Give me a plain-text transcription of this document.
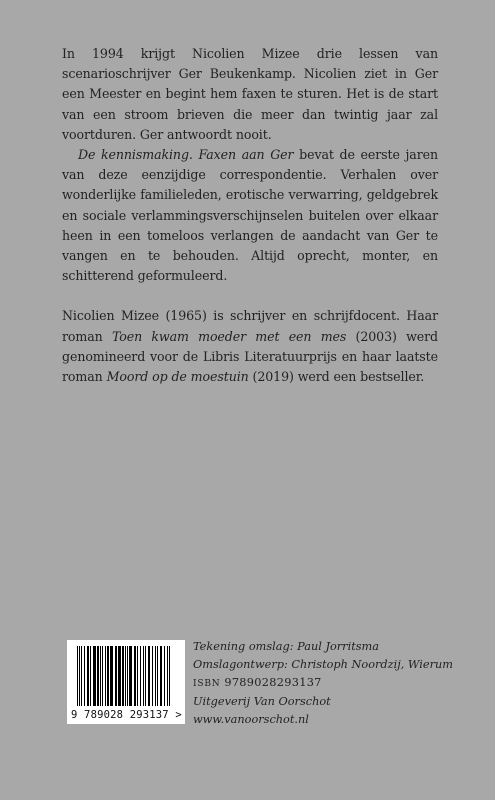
In 1994 krijgt Nicolien Mizee drie lessen van scenarioschrijver Ger Beukenkamp. Nicolien ziet in Ger een Meester en begint hem faxen te sturen. Het is de start van een stroom brieven die meer dan twintig jaar zal voortduren. Ger antwoordt nooit.

De kennismaking. Faxen aan Ger bevat de eerste jaren van deze eenzijdige correspondentie. Verhalen over wonderlijke familieleden, erotische verwarring, geldgebrek en sociale verlammingsverschijnselen buitelen over elkaar heen in een tomeloos verlangen de aandacht van Ger te vangen en te behouden. Altijd oprecht, monter, en schitterend geformuleerd.

Nicolien Mizee (1965) is schrijver en schrijfdocent. Haar roman Toen kwam moeder met een mes (2003) werd genomineerd voor de Libris Literatuurprijs en haar laatste roman Moord op de moestuin (2019) werd een bestseller.

9 789028 293137 >
Tekening omslag: Paul Jorritsma
Omslagontwerp: Christoph Noordzij, Wierum
ISBN 9789028293137
Uitgeverij Van Oorschot
www.vanoorschot.nl
